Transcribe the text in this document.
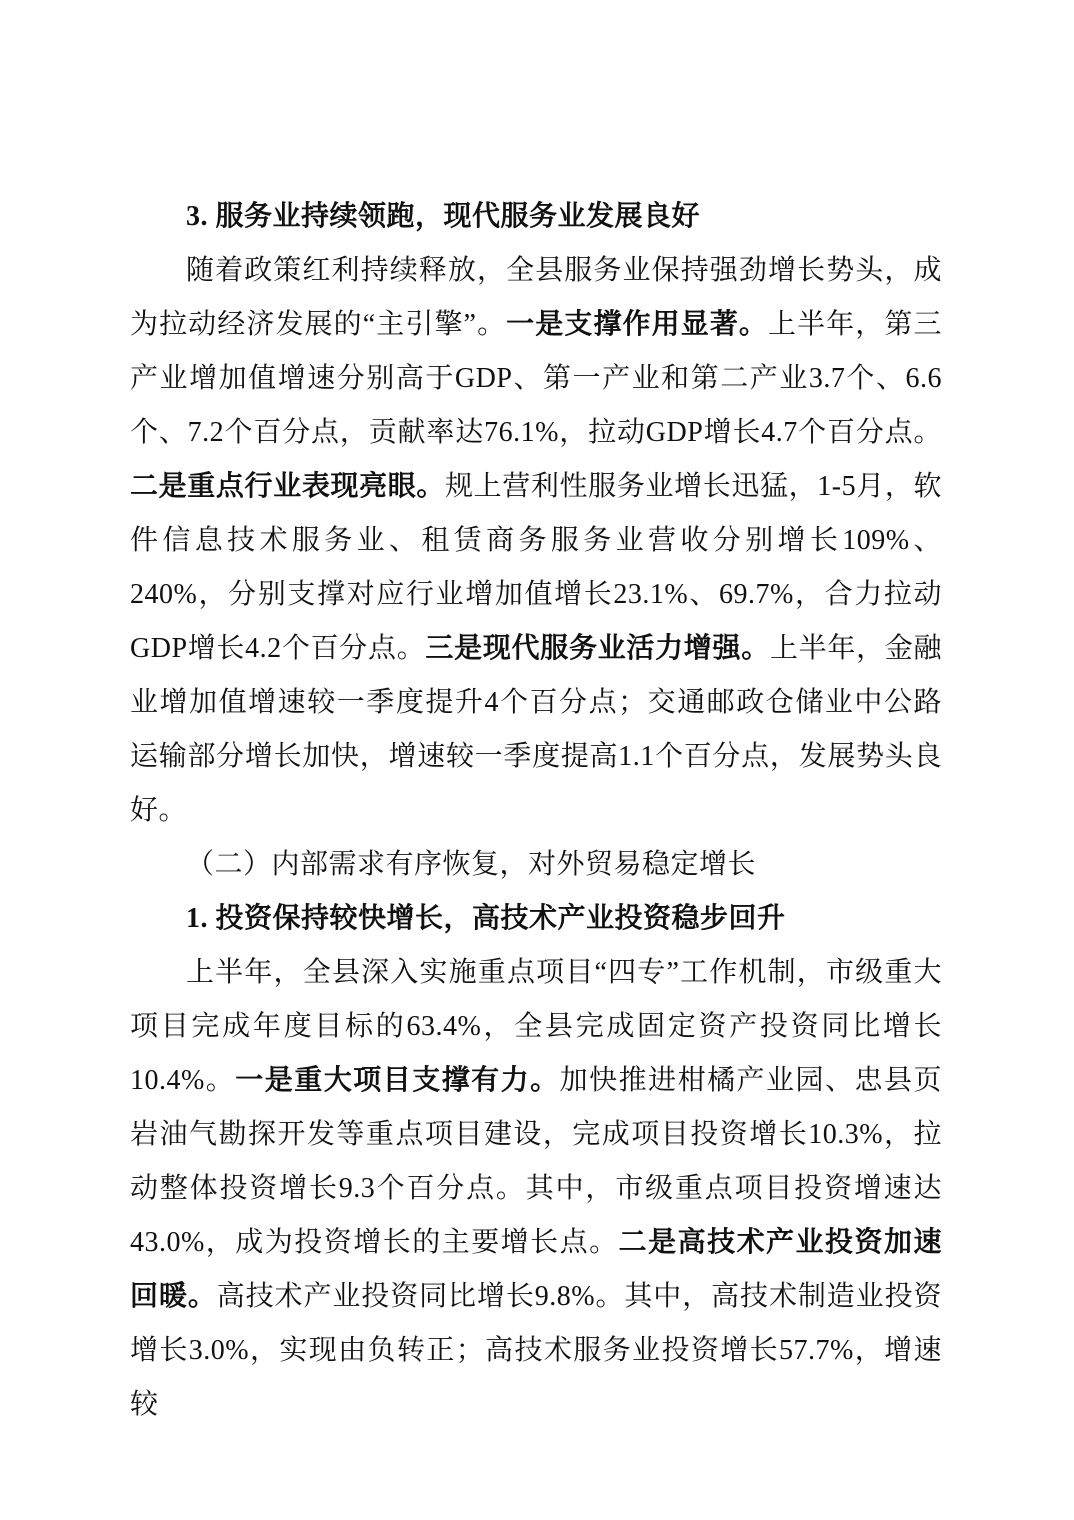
3. 服务业持续领跑，现代服务业发展良好

随着政策红利持续释放，全县服务业保持强劲增长势头，成为拉动经济发展的“主引擎”。一是支撑作用显著。上半年，第三产业增加值增速分别高于GDP、第一产业和第二产业3.7个、6.6个、7.2个百分点，贡献率达76.1%，拉动GDP增长4.7个百分点。二是重点行业表现亮眼。规上营利性服务业增长迅猛，1-5月，软件信息技术服务业、租赁商务服务业营收分别增长109%、240%，分别支撑对应行业增加值增长23.1%、69.7%，合力拉动GDP增长4.2个百分点。三是现代服务业活力增强。上半年，金融业增加值增速较一季度提升4个百分点；交通邮政仓储业中公路运输部分增长加快，增速较一季度提高1.1个百分点，发展势头良好。

（二）内部需求有序恢复，对外贸易稳定增长

1. 投资保持较快增长，高技术产业投资稳步回升

上半年，全县深入实施重点项目“四专”工作机制，市级重大项目完成年度目标的63.4%，全县完成固定资产投资同比增长10.4%。一是重大项目支撑有力。加快推进柑橘产业园、忠县页岩油气勘探开发等重点项目建设，完成项目投资增长10.3%，拉动整体投资增长9.3个百分点。其中，市级重点项目投资增速达43.0%，成为投资增长的主要增长点。二是高技术产业投资加速回暖。高技术产业投资同比增长9.8%。其中，高技术制造业投资增长3.0%，实现由负转正；高技术服务业投资增长57.7%，增速较
